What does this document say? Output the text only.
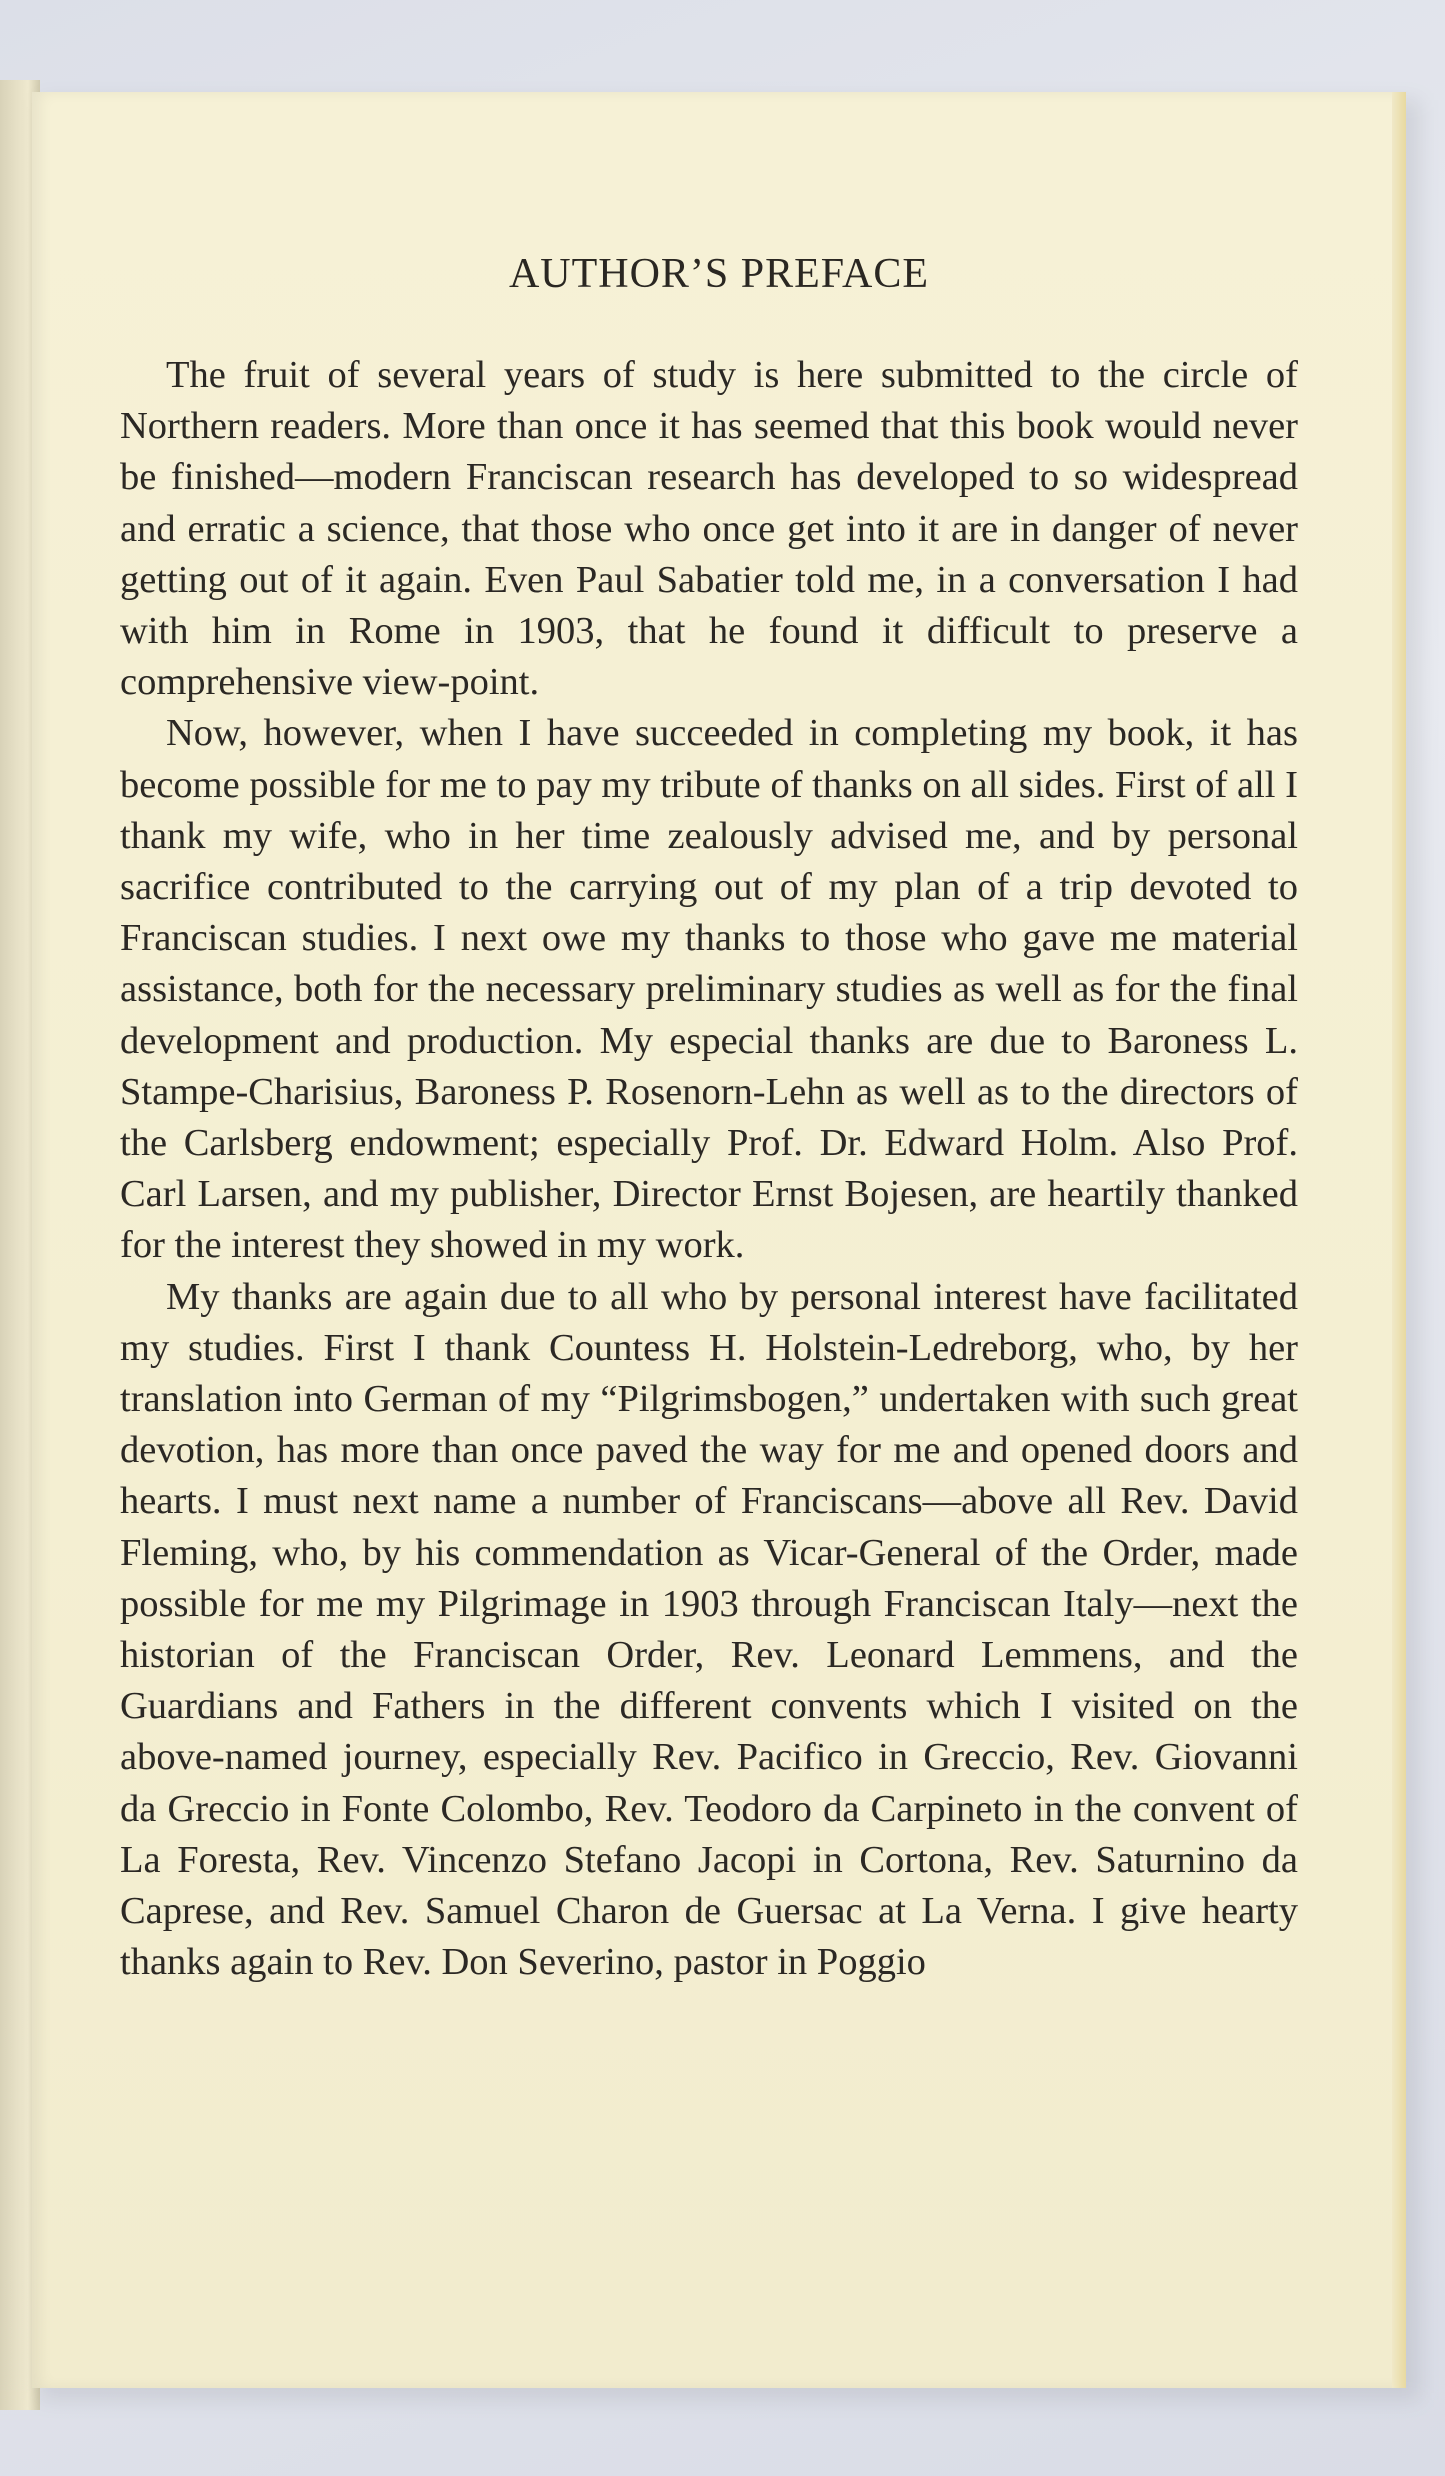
AUTHOR’S PREFACE

The fruit of several years of study is here submitted to the circle of Northern readers. More than once it has seemed that this book would never be finished—modern Franciscan research has developed to so widespread and erratic a science, that those who once get into it are in danger of never getting out of it again. Even Paul Sabatier told me, in a conversation I had with him in Rome in 1903, that he found it difficult to preserve a comprehensive view-point.

Now, however, when I have succeeded in completing my book, it has become possible for me to pay my tribute of thanks on all sides. First of all I thank my wife, who in her time zealously advised me, and by personal sacrifice contributed to the carrying out of my plan of a trip devoted to Franciscan studies. I next owe my thanks to those who gave me material assistance, both for the necessary preliminary studies as well as for the final development and production. My especial thanks are due to Baroness L. Stampe-Charisius, Baroness P. Rosenorn-Lehn as well as to the directors of the Carlsberg endowment; especially Prof. Dr. Edward Holm. Also Prof. Carl Larsen, and my publisher, Director Ernst Bojesen, are heartily thanked for the interest they showed in my work.

My thanks are again due to all who by personal interest have facilitated my studies. First I thank Countess H. Holstein-Ledreborg, who, by her translation into German of my “Pilgrimsbogen,” undertaken with such great devotion, has more than once paved the way for me and opened doors and hearts. I must next name a number of Franciscans—above all Rev. David Fleming, who, by his commendation as Vicar-General of the Order, made possible for me my Pilgrimage in 1903 through Franciscan Italy—next the historian of the Franciscan Order, Rev. Leonard Lemmens, and the Guardians and Fathers in the different convents which I visited on the above-named journey, especially Rev. Pacifico in Greccio, Rev. Giovanni da Greccio in Fonte Colombo, Rev. Teodoro da Carpineto in the convent of La Foresta, Rev. Vincenzo Stefano Jacopi in Cortona, Rev. Saturnino da Caprese, and Rev. Samuel Charon de Guersac at La Verna. I give hearty thanks again to Rev. Don Severino, pastor in Poggio
